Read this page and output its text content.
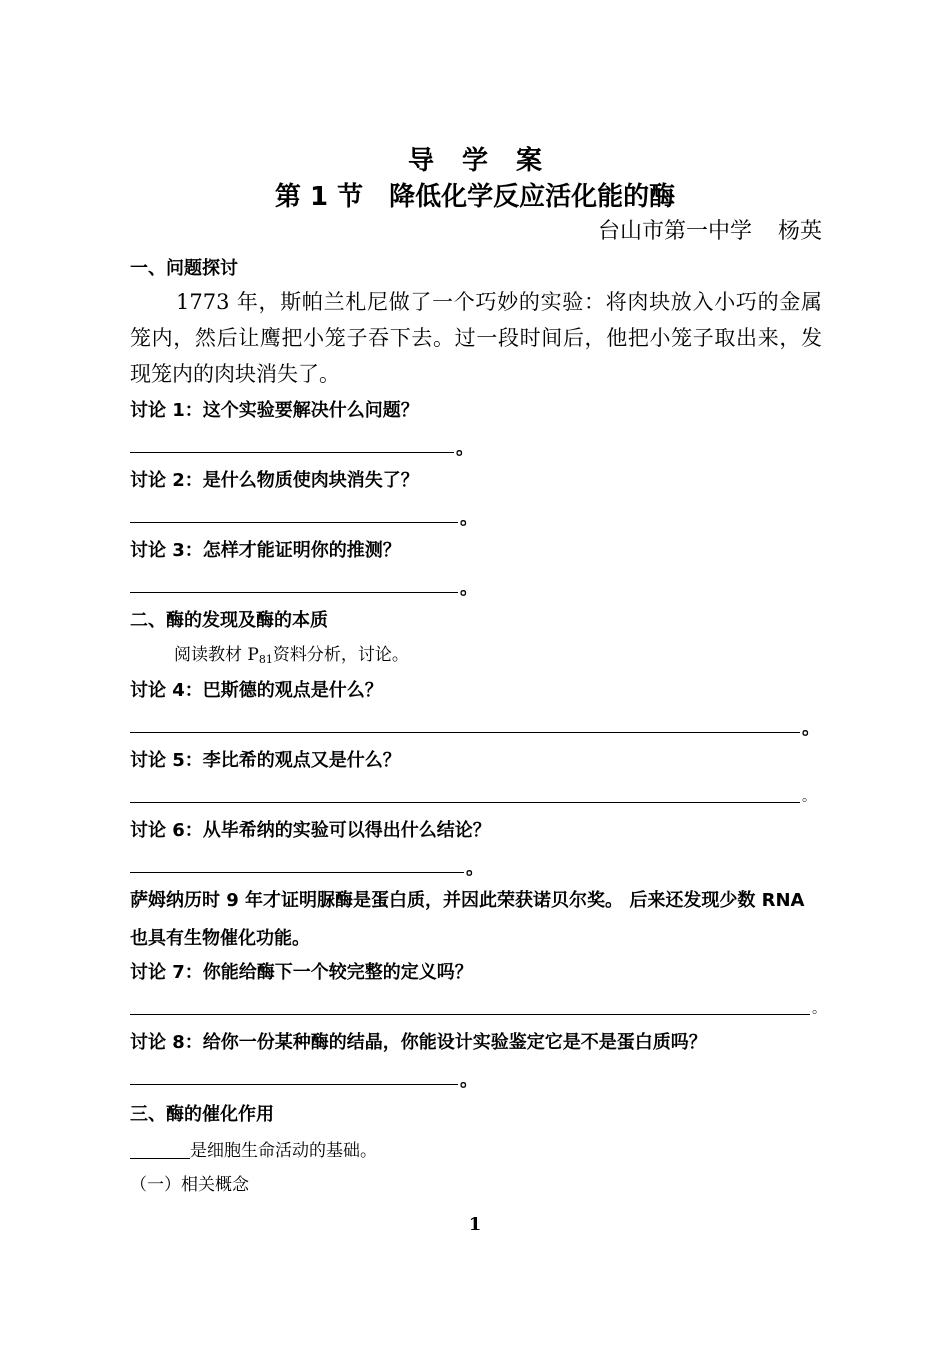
导学案
第 1 节　降低化学反应活化能的酶
台山市第一中学 杨英
一、问题探讨
1773 年，斯帕兰札尼做了一个巧妙的实验：将肉块放入小巧的金属笼内，然后让鹰把小笼子吞下去。过一段时间后，他把小笼子取出来，发现笼内的肉块消失了。
讨论 1：这个实验要解决什么问题？
。
讨论 2：是什么物质使肉块消失了？
。
讨论 3：怎样才能证明你的推测？
。
二、酶的发现及酶的本质
阅读教材 $P_{81}$资料分析，讨论。
讨论 4：巴斯德的观点是什么？
。
讨论 5：李比希的观点又是什么？
。
讨论 6：从毕希纳的实验可以得出什么结论？
。
萨姆纳历时 9 年才证明脲酶是蛋白质，并因此荣获诺贝尔奖。 后来还发现少数 RNA 也具有生物催化功能。
讨论 7：你能给酶下一个较完整的定义吗？
。
讨论 8：给你一份某种酶的结晶，你能设计实验鉴定它是不是蛋白质吗？
。
三、酶的催化作用
是细胞生命活动的基础。
（一）相关概念
1
